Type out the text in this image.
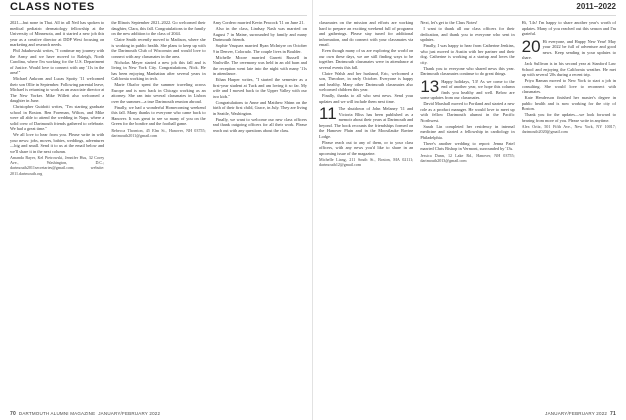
CLASS NOTES

2021—but none in Thai. All in all Neil has spoken to medical pediatric dermatology fellowship at the University of Minnesota, and it started a new job this year as a creative director at DDP West focusing on marketing and research needs.

Phil Jakubowski writes, "I continue my journey with the Army and we have moved to Raleigh, North Carolina, where I'm working for the U.S. Department of Justice. Would love to connect with any '11s in the area!"

Michael Ankrom and Lucas Spotty '11 welcomed their son Ollie in September. Following parental leave, Michael is returning to work as an associate director at The New Yorker. Mike Willett also welcomed a daughter in June.

Christopher Guidotti writes, "I'm starting graduate school in Boston. Ben Foreman, Wilton, and Mike were all able to attend the wedding in Napa, where a solid crew of Dartmouth friends gathered to celebrate. We had a great time."

We all love to hear from you. Please write in with your news: jobs, moves, babies, weddings, adventures—big and small. Send it to us at the email below and we'll share it in the next column.

Amanda Bayer, Kel Pietrowski, Jennifer Hsu, 32 Corey Ave., Washington, D.C.; dartmouth2011secretaries@gmail.com; website: 2011.dartmouth.org

the Illinois September 2021–2022. Go welcomed their daughter, Clara, this fall. Congratulations to the family on the new addition to the class of 2044.

Claire Smith recently moved to Madison, where she is working in public health. She plans to keep up with the Dartmouth Club of Wisconsin and would love to connect with any classmates in the area.

Nicholas Meyer started a new job this fall and is living in New York City. Congratulations, Nick. He has been enjoying Manhattan after several years in California working in tech.

Marie Okafor spent the summer traveling across Europe and is now back in Chicago working as an attorney. She ran into several classmates in Lisbon over the summer—a true Dartmouth reunion abroad.

Finally, we had a wonderful Homecoming weekend this fall. Many thanks to everyone who came back to Hanover. It was great to see so many of you on the Green for the bonfire and the football game.

Rebecca Thornton, 45 Elm St., Hanover, NH 03755; dartmouth2011@gmail.com

Amy Cordero married Kevin Peacock '11 on June 21.

Also in the class, Lindsay Nash was married on August 7 in Maine, surrounded by family and many Dartmouth friends.

Sophie Vasquez married Ryan McIntyre on October 9 in Denver, Colorado. The couple lives in Boulder.

Michelle Moore married Garrett Russell in Nashville. The ceremony was held in an old barn and the reception went late into the night with many '11s in attendance.

Ethan Harper writes, "I started the semester as a first-year student at Tuck and am loving it so far. My wife and I moved back to the Upper Valley with our two kids."

Congratulations to Anne and Matthew Shinn on the birth of their first child, Grace, in July. They are living in Seattle, Washington.

Finally, we want to welcome our new class officers and thank outgoing officers for all their work. Please reach out with any questions about the class.

70 DARTMOUTH ALUMNI MAGAZINE JANUARY/FEBRUARY 2022
2011–2022

classmates on the mission and efforts are working hard to prepare an exciting weekend full of programs and gatherings. Please stay tuned for additional information, and do connect with your classmates via email.

Even though many of us are exploring the world on our own these days, we are still finding ways to be together. Dartmouth classmates were in attendance at several events this fall.

Claire Walsh and her husband, Eric, welcomed a son, Theodore, in early October. Everyone is happy and healthy. Many other Dartmouth classmates also welcomed children this year.

Finally, thanks to all who sent news. Send your updates and we will include them next time.

11 The shutdown of John Melaney '11 and Victoria Bliss has been published as a memoir about their years at Dartmouth and beyond. The book recounts the friendships formed on the Hanover Plain and in the Moosilauke Ravine Lodge.

Please reach out to any of them, or to your class officers, with any news you'd like to share in an upcoming issue of the magazine.

Michelle Liang, 211 South St., Boston, MA 02111; dartmouth12@gmail.com

Next, let's get to the Class Notes!

I want to thank all our class officers for their dedication, and thank you to everyone who sent in updates.

Finally, I was happy to hear from Catherine Jenkins, who just moved to Austin with her partner and their dog. Catherine is working at a startup and loves the city.

Thank you to everyone who shared news this year. Dartmouth classmates continue to do great things.

13 Happy holidays, '13! As we come to the end of another year, we hope this column finds you healthy and well. Below are some updates from our classmates.

David Marshall moved to Portland and started a new role as a product manager. He would love to meet up with fellow Dartmouth alumni in the Pacific Northwest.

Sarah Lin completed her residency in internal medicine and started a fellowship in cardiology in Philadelphia.

There's another wedding to report: Jenna Patel married Chris Bishop in Vermont, surrounded by '13s.

Jessica Dunn, 12 Lake Rd., Hanover, NH 03755; dartmouth2013@gmail.com

Hi, '14s! I'm happy to share another year's worth of updates. Many of you reached out this season and I'm grateful.

20 Hi everyone, and Happy New Year! May your 2022 be full of adventure and good news. Keep sending in your updates to share.

Jack Sullivan is in his second year at Stanford Law School and enjoying the California weather. He met up with several '20s during a recent trip.

Priya Raman moved to New York to start a job in consulting. She would love to reconnect with classmates.

Kate Henderson finished her master's degree in public health and is now working for the city of Boston.

Thank you for the updates—we look forward to hearing from more of you. Please write in anytime.

Alex Ortiz, 501 Fifth Ave., New York, NY 10017; dartmouth2020@gmail.com
JANUARY/FEBRUARY 2022 71
